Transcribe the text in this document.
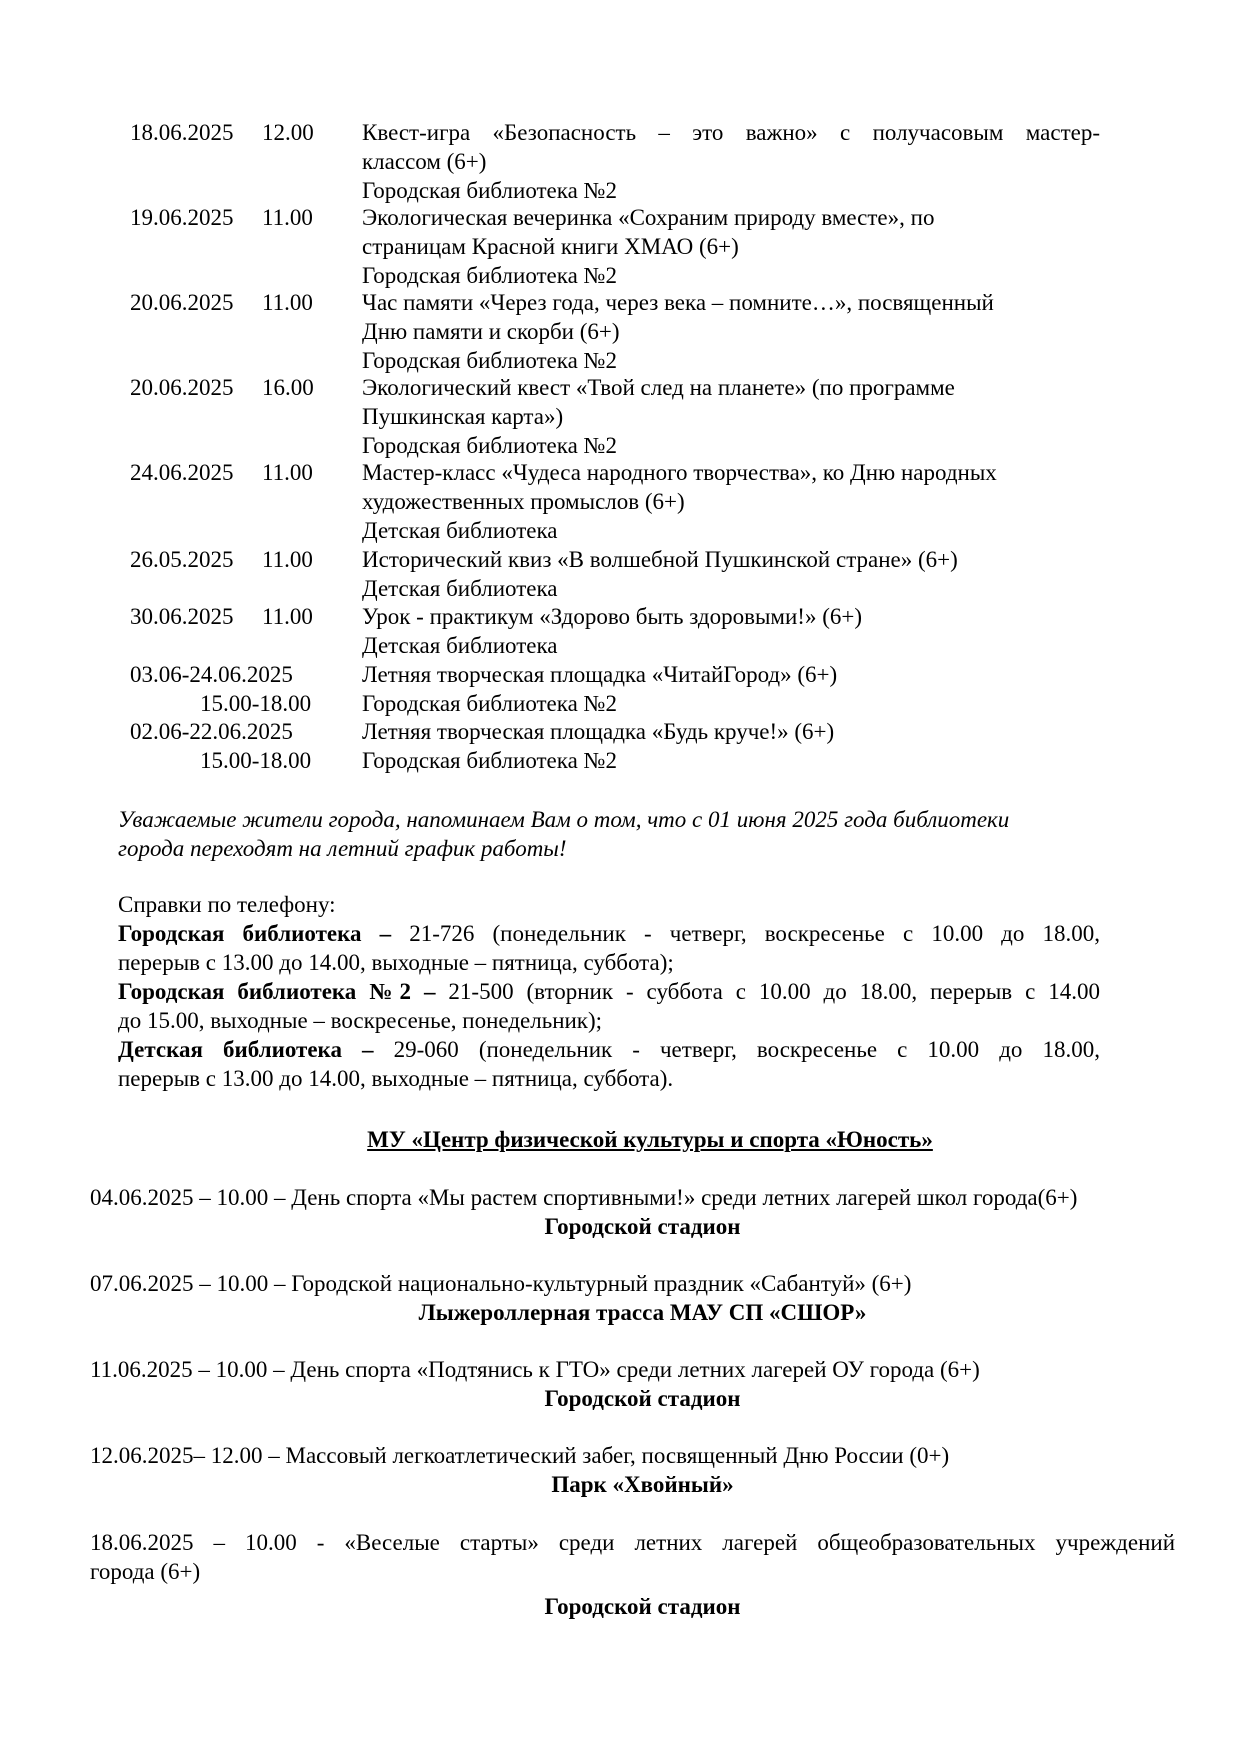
18.06.2025 12.00 Квест-игра «Безопасность – это важно» с получасовым мастер-
классом (6+)
Городская библиотека №2
19.06.2025 11.00 Экологическая вечеринка «Сохраним природу вместе», по
страницам Красной книги ХМАО (6+)
Городская библиотека №2
20.06.2025 11.00 Час памяти «Через года, через века – помните…», посвященный
Дню памяти и скорби (6+)
Городская библиотека №2
20.06.2025 16.00 Экологический квест «Твой след на планете» (по программе
Пушкинская карта»)
Городская библиотека №2
24.06.2025 11.00 Мастер-класс «Чудеса народного творчества», ко Дню народных
художественных промыслов (6+)
Детская библиотека
26.05.2025 11.00 Исторический квиз «В волшебной Пушкинской стране» (6+)
Детская библиотека
30.06.2025 11.00 Урок - практикум «Здорово быть здоровыми!» (6+)
Детская библиотека
03.06-24.06.2025
15.00-18.00
Летняя творческая площадка «ЧитайГород» (6+)
Городская библиотека №2
02.06-22.06.2025
15.00-18.00
Летняя творческая площадка «Будь круче!» (6+)
Городская библиотека №2
Уважаемые жители города, напоминаем Вам о том, что с 01 июня 2025 года библиотеки
города переходят на летний график работы!
Справки по телефону:
Городская библиотека – 21-726 (понедельник - четверг, воскресенье с 10.00 до 18.00,
перерыв с 13.00 до 14.00, выходные – пятница, суббота);
Городская библиотека №2 – 21-500 (вторник - суббота с 10.00 до 18.00, перерыв с 14.00
до 15.00, выходные – воскресенье, понедельник);
Детская библиотека – 29-060 (понедельник - четверг, воскресенье с 10.00 до 18.00,
перерыв с 13.00 до 14.00, выходные – пятница, суббота).
МУ «Центр физической культуры и спорта «Юность»
04.06.2025 – 10.00 – День спорта «Мы растем спортивными!» среди летних лагерей школ города(6+)
Городской стадион
07.06.2025 – 10.00 – Городской национально-культурный праздник «Сабантуй» (6+)
Лыжероллерная трасса МАУ СП «СШОР»
11.06.2025 – 10.00 – День спорта «Подтянись к ГТО» среди летних лагерей ОУ города (6+)
Городской стадион
12.06.2025– 12.00 – Массовый легкоатлетический забег, посвященный Дню России (0+)
Парк «Хвойный»
18.06.2025 – 10.00 - «Веселые старты» среди летних лагерей общеобразовательных учреждений
города (6+)
Городской стадион
